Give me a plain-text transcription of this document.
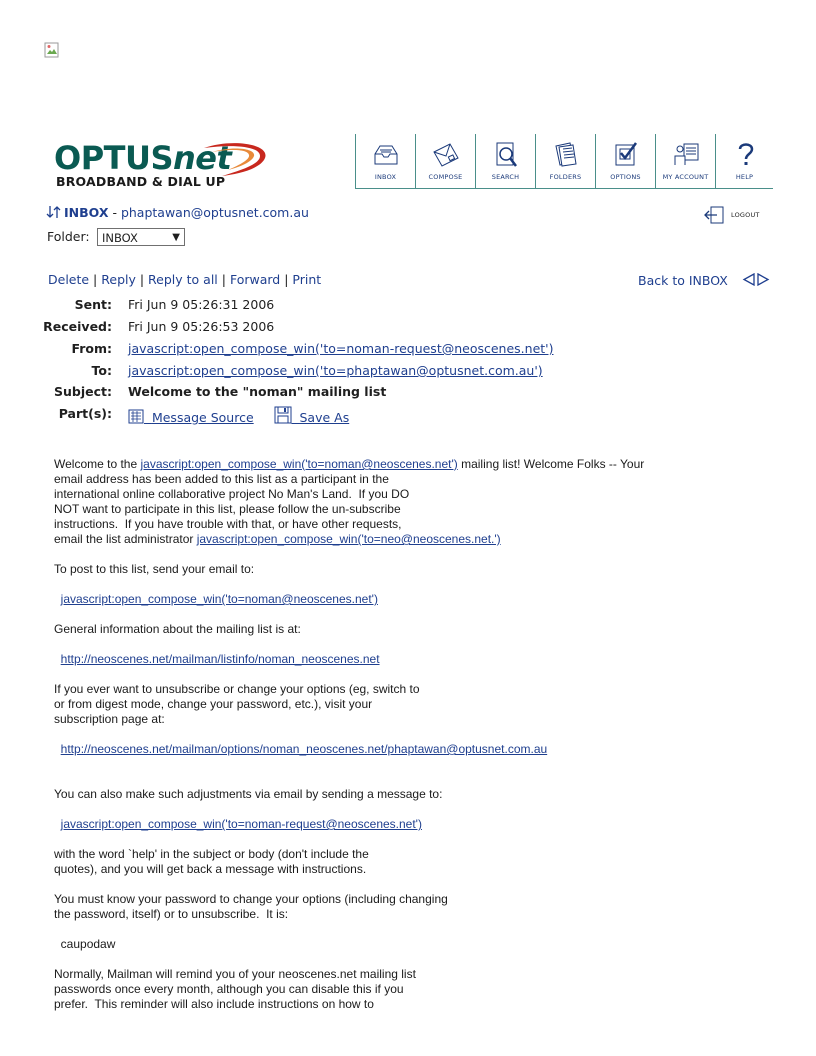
OPTUSnet
BROADBAND & DIAL UP	INBOX	COMPOSE	SEARCH	FOLDERS	OPTIONS	MY ACCOUNT	HELP
INBOX - phaptawan@optusnet.com.au	LOGOUT
Folder:	INBOX	▼
Delete | Reply | Reply to all | Forward | Print	Back to INBOX
Sent: Fri Jun 9 05:26:31 2006
Received: Fri Jun 9 05:26:53 2006
From: javascript:open_compose_win('to=noman-request@neoscenes.net')
To: javascript:open_compose_win('to=phaptawan@optusnet.com.au')
Subject: Welcome to the "noman" mailing list
Part(s):	Message Source	Save As

Welcome to the javascript:open_compose_win('to=noman@neoscenes.net') mailing list! Welcome Folks -- Your

email address has been added to this list as a participant in the

international online collaborative project No Man's Land.  If you DO

NOT want to participate in this list, please follow the un-subscribe

instructions.  If you have trouble with that, or have other requests,

email the list administrator javascript:open_compose_win('to=neo@neoscenes.net.')

To post to this list, send your email to:

javascript:open_compose_win('to=noman@neoscenes.net')

General information about the mailing list is at:

http://neoscenes.net/mailman/listinfo/noman_neoscenes.net

If you ever want to unsubscribe or change your options (eg, switch to

or from digest mode, change your password, etc.), visit your

subscription page at:

http://neoscenes.net/mailman/options/noman_neoscenes.net/phaptawan@optusnet.com.au

You can also make such adjustments via email by sending a message to:

javascript:open_compose_win('to=noman-request@neoscenes.net')

with the word `help' in the subject or body (don't include the

quotes), and you will get back a message with instructions.

You must know your password to change your options (including changing

the password, itself) or to unsubscribe.  It is:

caupodaw

Normally, Mailman will remind you of your neoscenes.net mailing list

passwords once every month, although you can disable this if you

prefer.  This reminder will also include instructions on how to
